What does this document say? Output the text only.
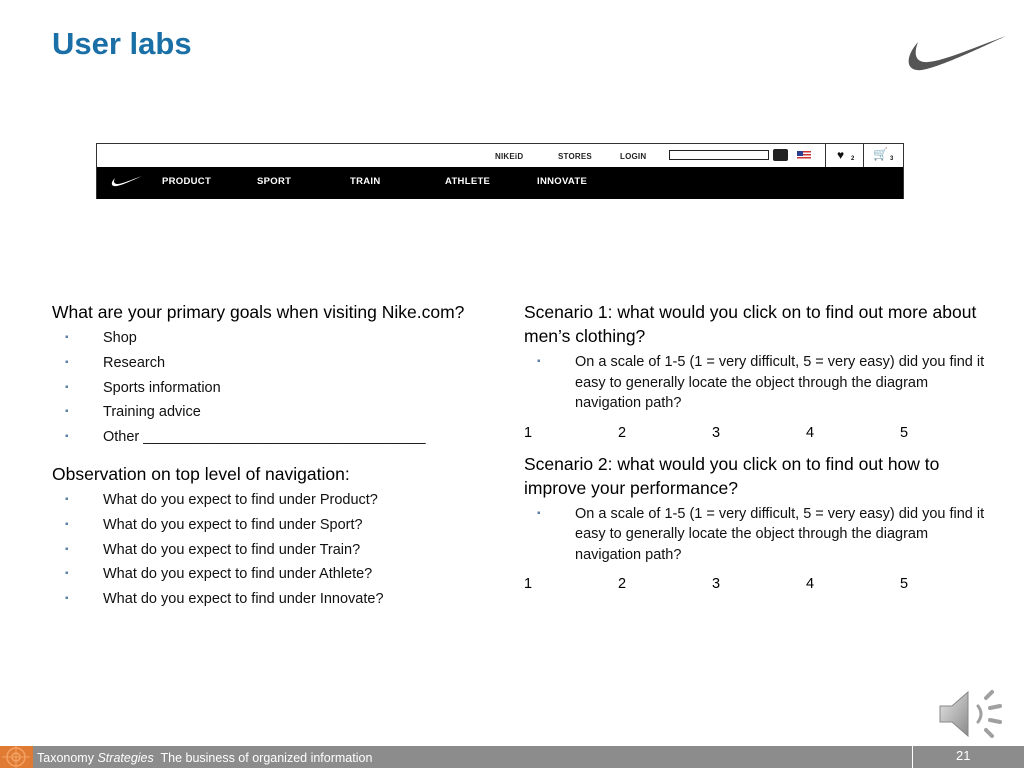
User labs
NIKEiD	STORES	LOGIN	♥ 2 🛒 3
PRODUCT	SPORT	TRAIN	ATHLETE	INNOVATE
What are your primary goals when visiting Nike.com?
▪ Shop
▪ Research
▪ Sports information
▪ Training advice
▪ Other ___________________________________
Observation on top level of navigation:
▪ What do you expect to find under Product?
▪ What do you expect to find under Sport?
▪ What do you expect to find under Train?
▪ What do you expect to find under Athlete?
▪ What do you expect to find under Innovate?
Scenario 1: what would you click on to find out more about men’s clothing?
▪ On a scale of 1-5 (1 = very difficult, 5 = very easy) did you find it easy to generally locate the object through the diagram navigation path?
1	2	3	4	5
Scenario 2: what would you click on to find out how to improve your performance?
▪ On a scale of 1-5 (1 = very difficult, 5 = very easy) did you find it easy to generally locate the object through the diagram navigation path?
1	2	3	4	5
Taxonomy Strategies The business of organized information	21
